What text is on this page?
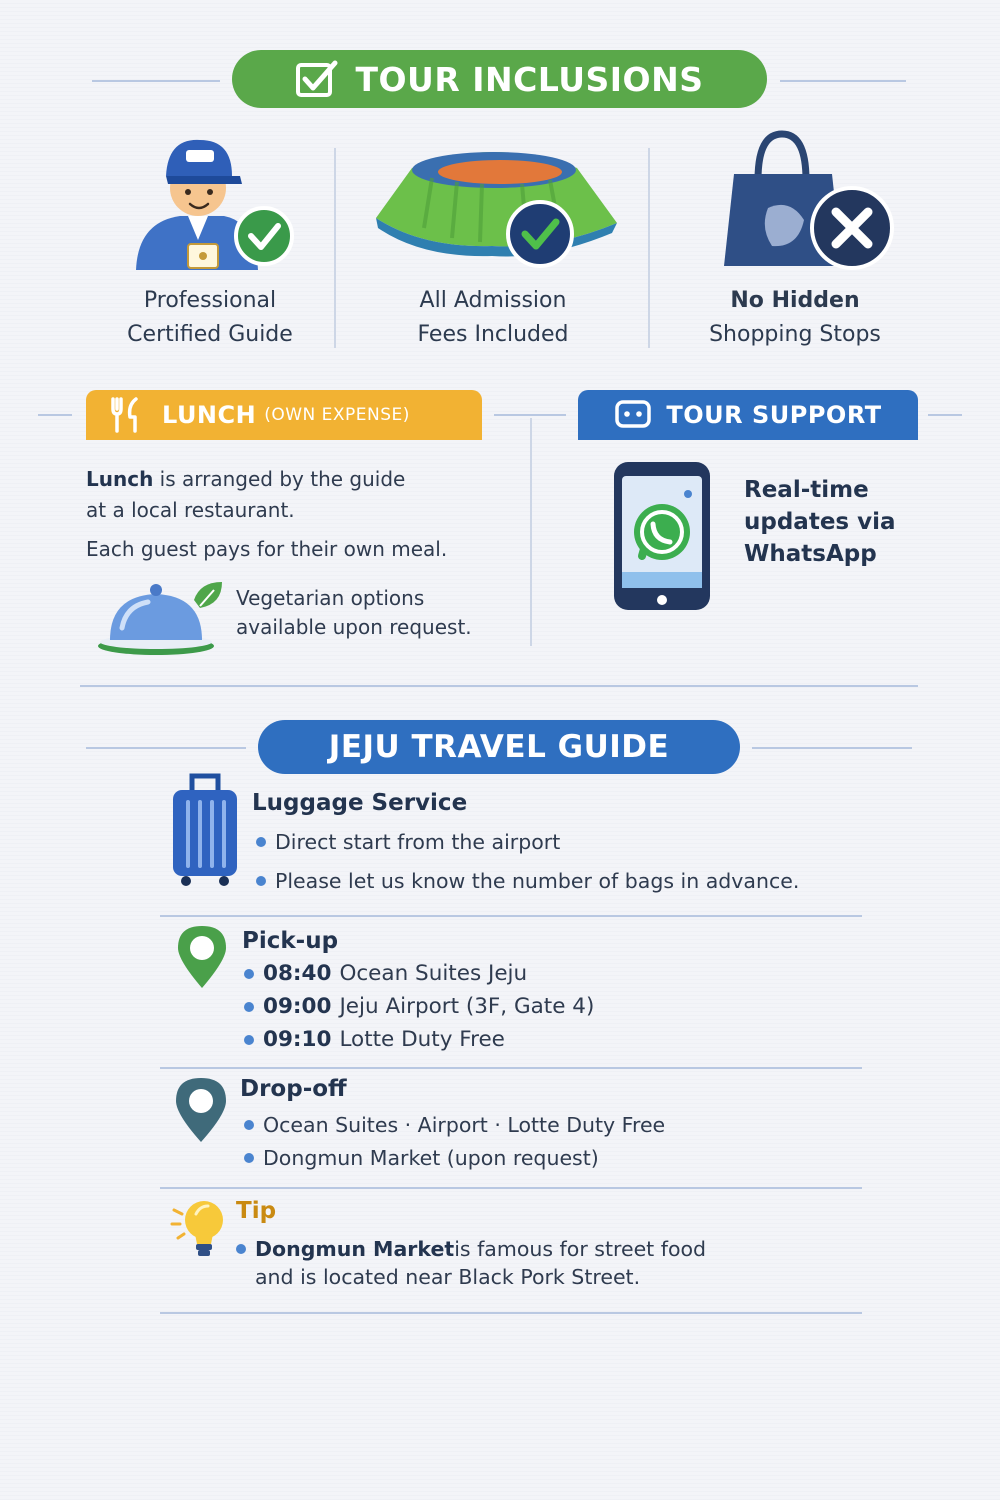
TOUR INCLUSIONS
Professional
Certified Guide
All Admission
Fees Included
No Hidden
Shopping Stops
LUNCH (OWN EXPENSE)
Lunch is arranged by the guide
at a local restaurant.
Each guest pays for their own meal.
Vegetarian options
available upon request.
TOUR SUPPORT
Real-time
updates via
WhatsApp
JEJU TRAVEL GUIDE
Luggage Service
Direct start from the airport
Please let us know the number of bags in advance.
Pick-up
08:40 Ocean Suites Jeju
09:00 Jeju Airport (3F, Gate 4)
09:10 Lotte Duty Free
Drop-off
Ocean Suites · Airport · Lotte Duty Free
Dongmun Market (upon request)
Tip
Dongmun Market is famous for street food
and is located near Black Pork Street.
